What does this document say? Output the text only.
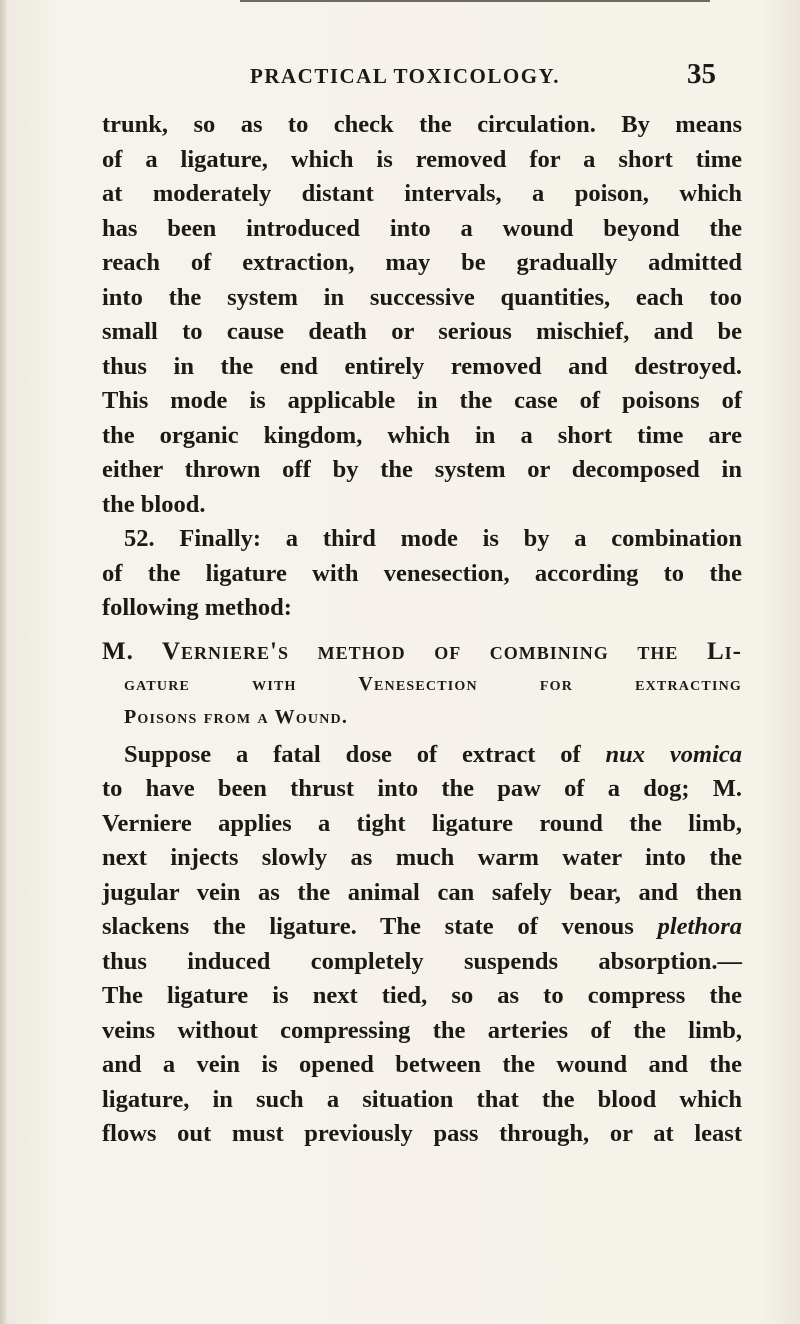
PRACTICAL TOXICOLOGY.	35
trunk, so as to check the circulation. By means
of a ligature, which is removed for a short time
at moderately distant intervals, a poison, which
has been introduced into a wound beyond the
reach of extraction, may be gradually admitted
into the system in successive quantities, each too
small to cause death or serious mischief, and be
thus in the end entirely removed and destroyed.
This mode is applicable in the case of poisons of
the organic kingdom, which in a short time are
either thrown off by the system or decomposed in
the blood.
52. Finally: a third mode is by a combination
of the ligature with venesection, according to the
following method:
M. Verniere's method of combining the Li-
gature with Venesection for extracting
Poisons from a Wound.
Suppose a fatal dose of extract of nux vomica
to have been thrust into the paw of a dog; M.
Verniere applies a tight ligature round the limb,
next injects slowly as much warm water into the
jugular vein as the animal can safely bear, and then
slackens the ligature. The state of venous plethora
thus induced completely suspends absorption.—
The ligature is next tied, so as to compress the
veins without compressing the arteries of the limb,
and a vein is opened between the wound and the
ligature, in such a situation that the blood which
flows out must previously pass through, or at least
